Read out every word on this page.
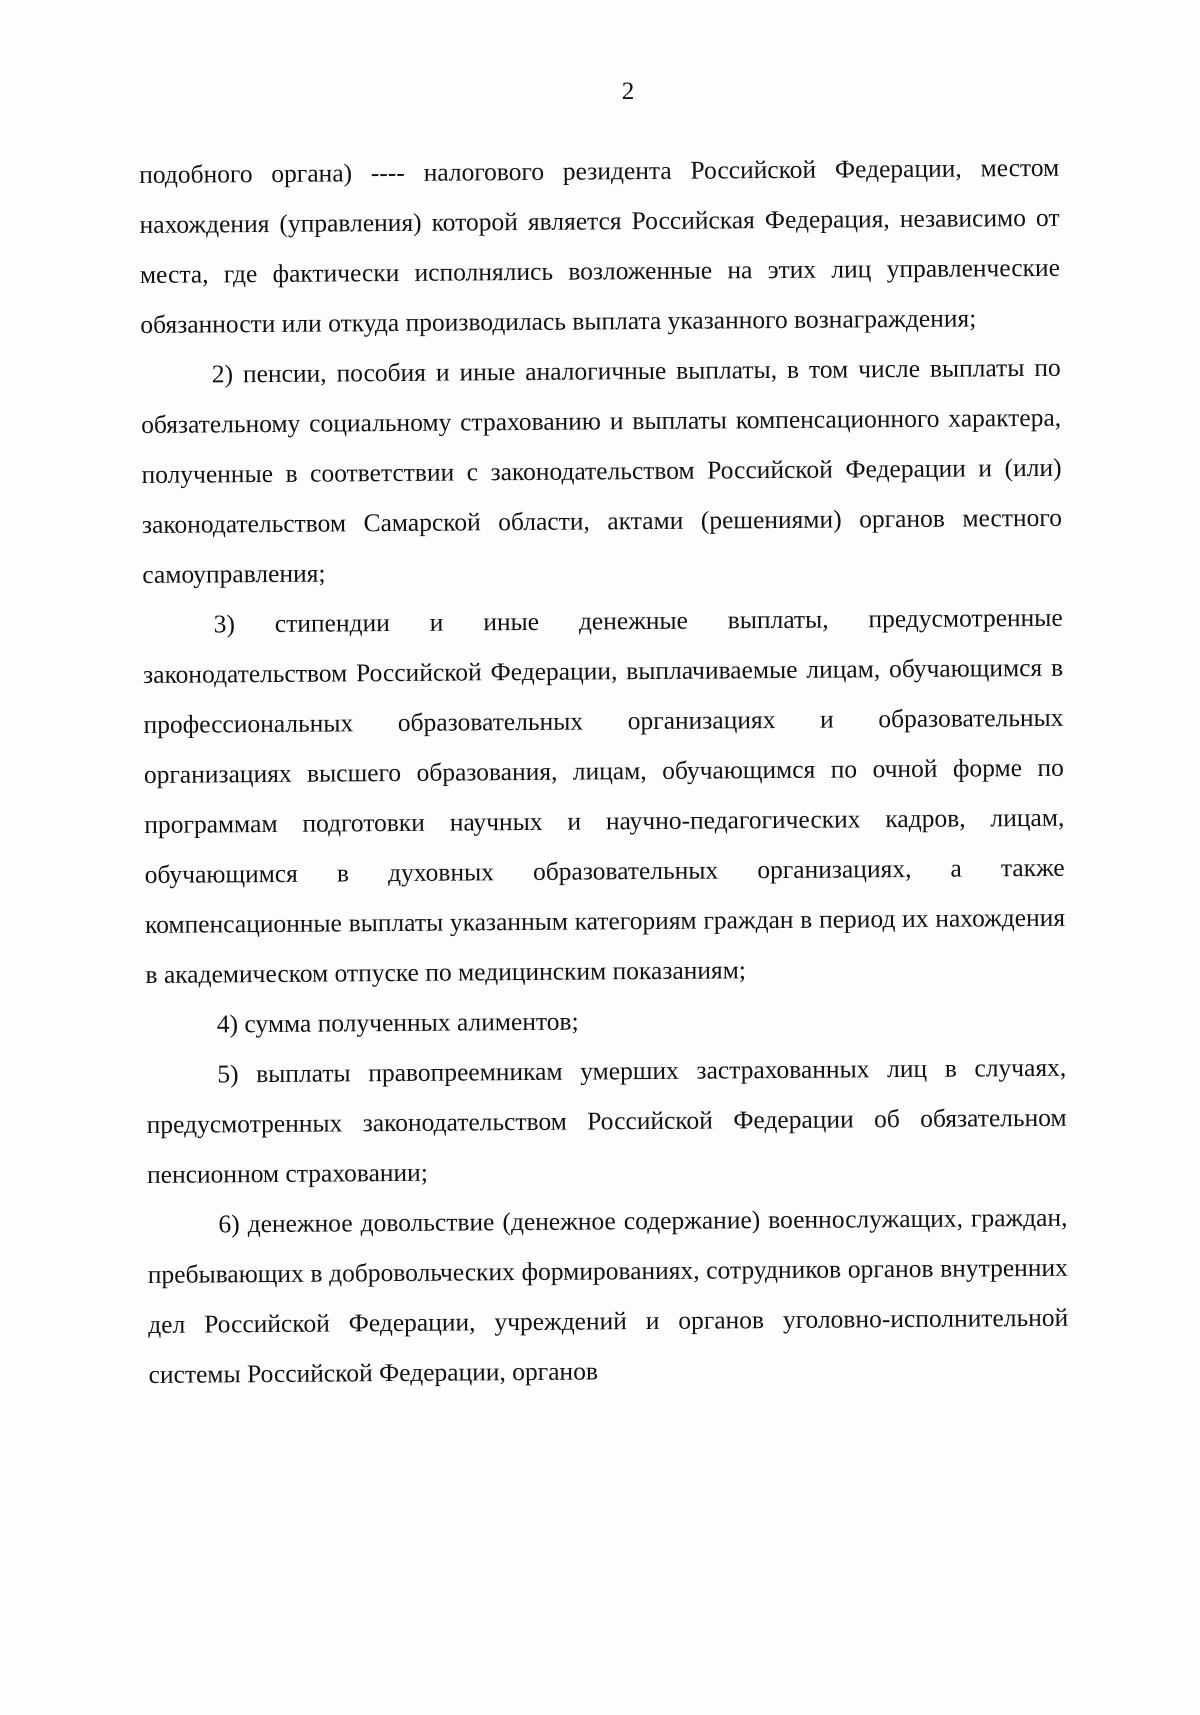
2

подобного органа) ---- налогового резидента Российской Федерации, местом нахождения (управления) которой является Российская Федерация, независимо от места, где фактически исполнялись возложенные на этих лиц управленческие обязанности или откуда производилась выплата указанного вознаграждения;

2) пенсии, пособия и иные аналогичные выплаты, в том числе выплаты по обязательному социальному страхованию и выплаты компенсационного характера, полученные в соответствии с законодательством Российской Федерации и (или) законодательством Самарской области, актами (решениями) органов местного самоуправления;

3) стипендии и иные денежные выплаты, предусмотренные законодательством Российской Федерации, выплачиваемые лицам, обучающимся в профессиональных образовательных организациях и образовательных организациях высшего образования, лицам, обучающимся по очной форме по программам подготовки научных и научно-педагогических кадров, лицам, обучающимся в духовных образовательных организациях, а также компенсационные выплаты указанным категориям граждан в период их нахождения в академическом отпуске по медицинским показаниям;

4) сумма полученных алиментов;

5) выплаты правопреемникам умерших застрахованных лиц в случаях, предусмотренных законодательством Российской Федерации об обязательном пенсионном страховании;

6) денежное довольствие (денежное содержание) военнослужащих, граждан, пребывающих в добровольческих формированиях, сотрудников органов внутренних дел Российской Федерации, учреждений и органов уголовно-исполнительной системы Российской Федерации, органов
